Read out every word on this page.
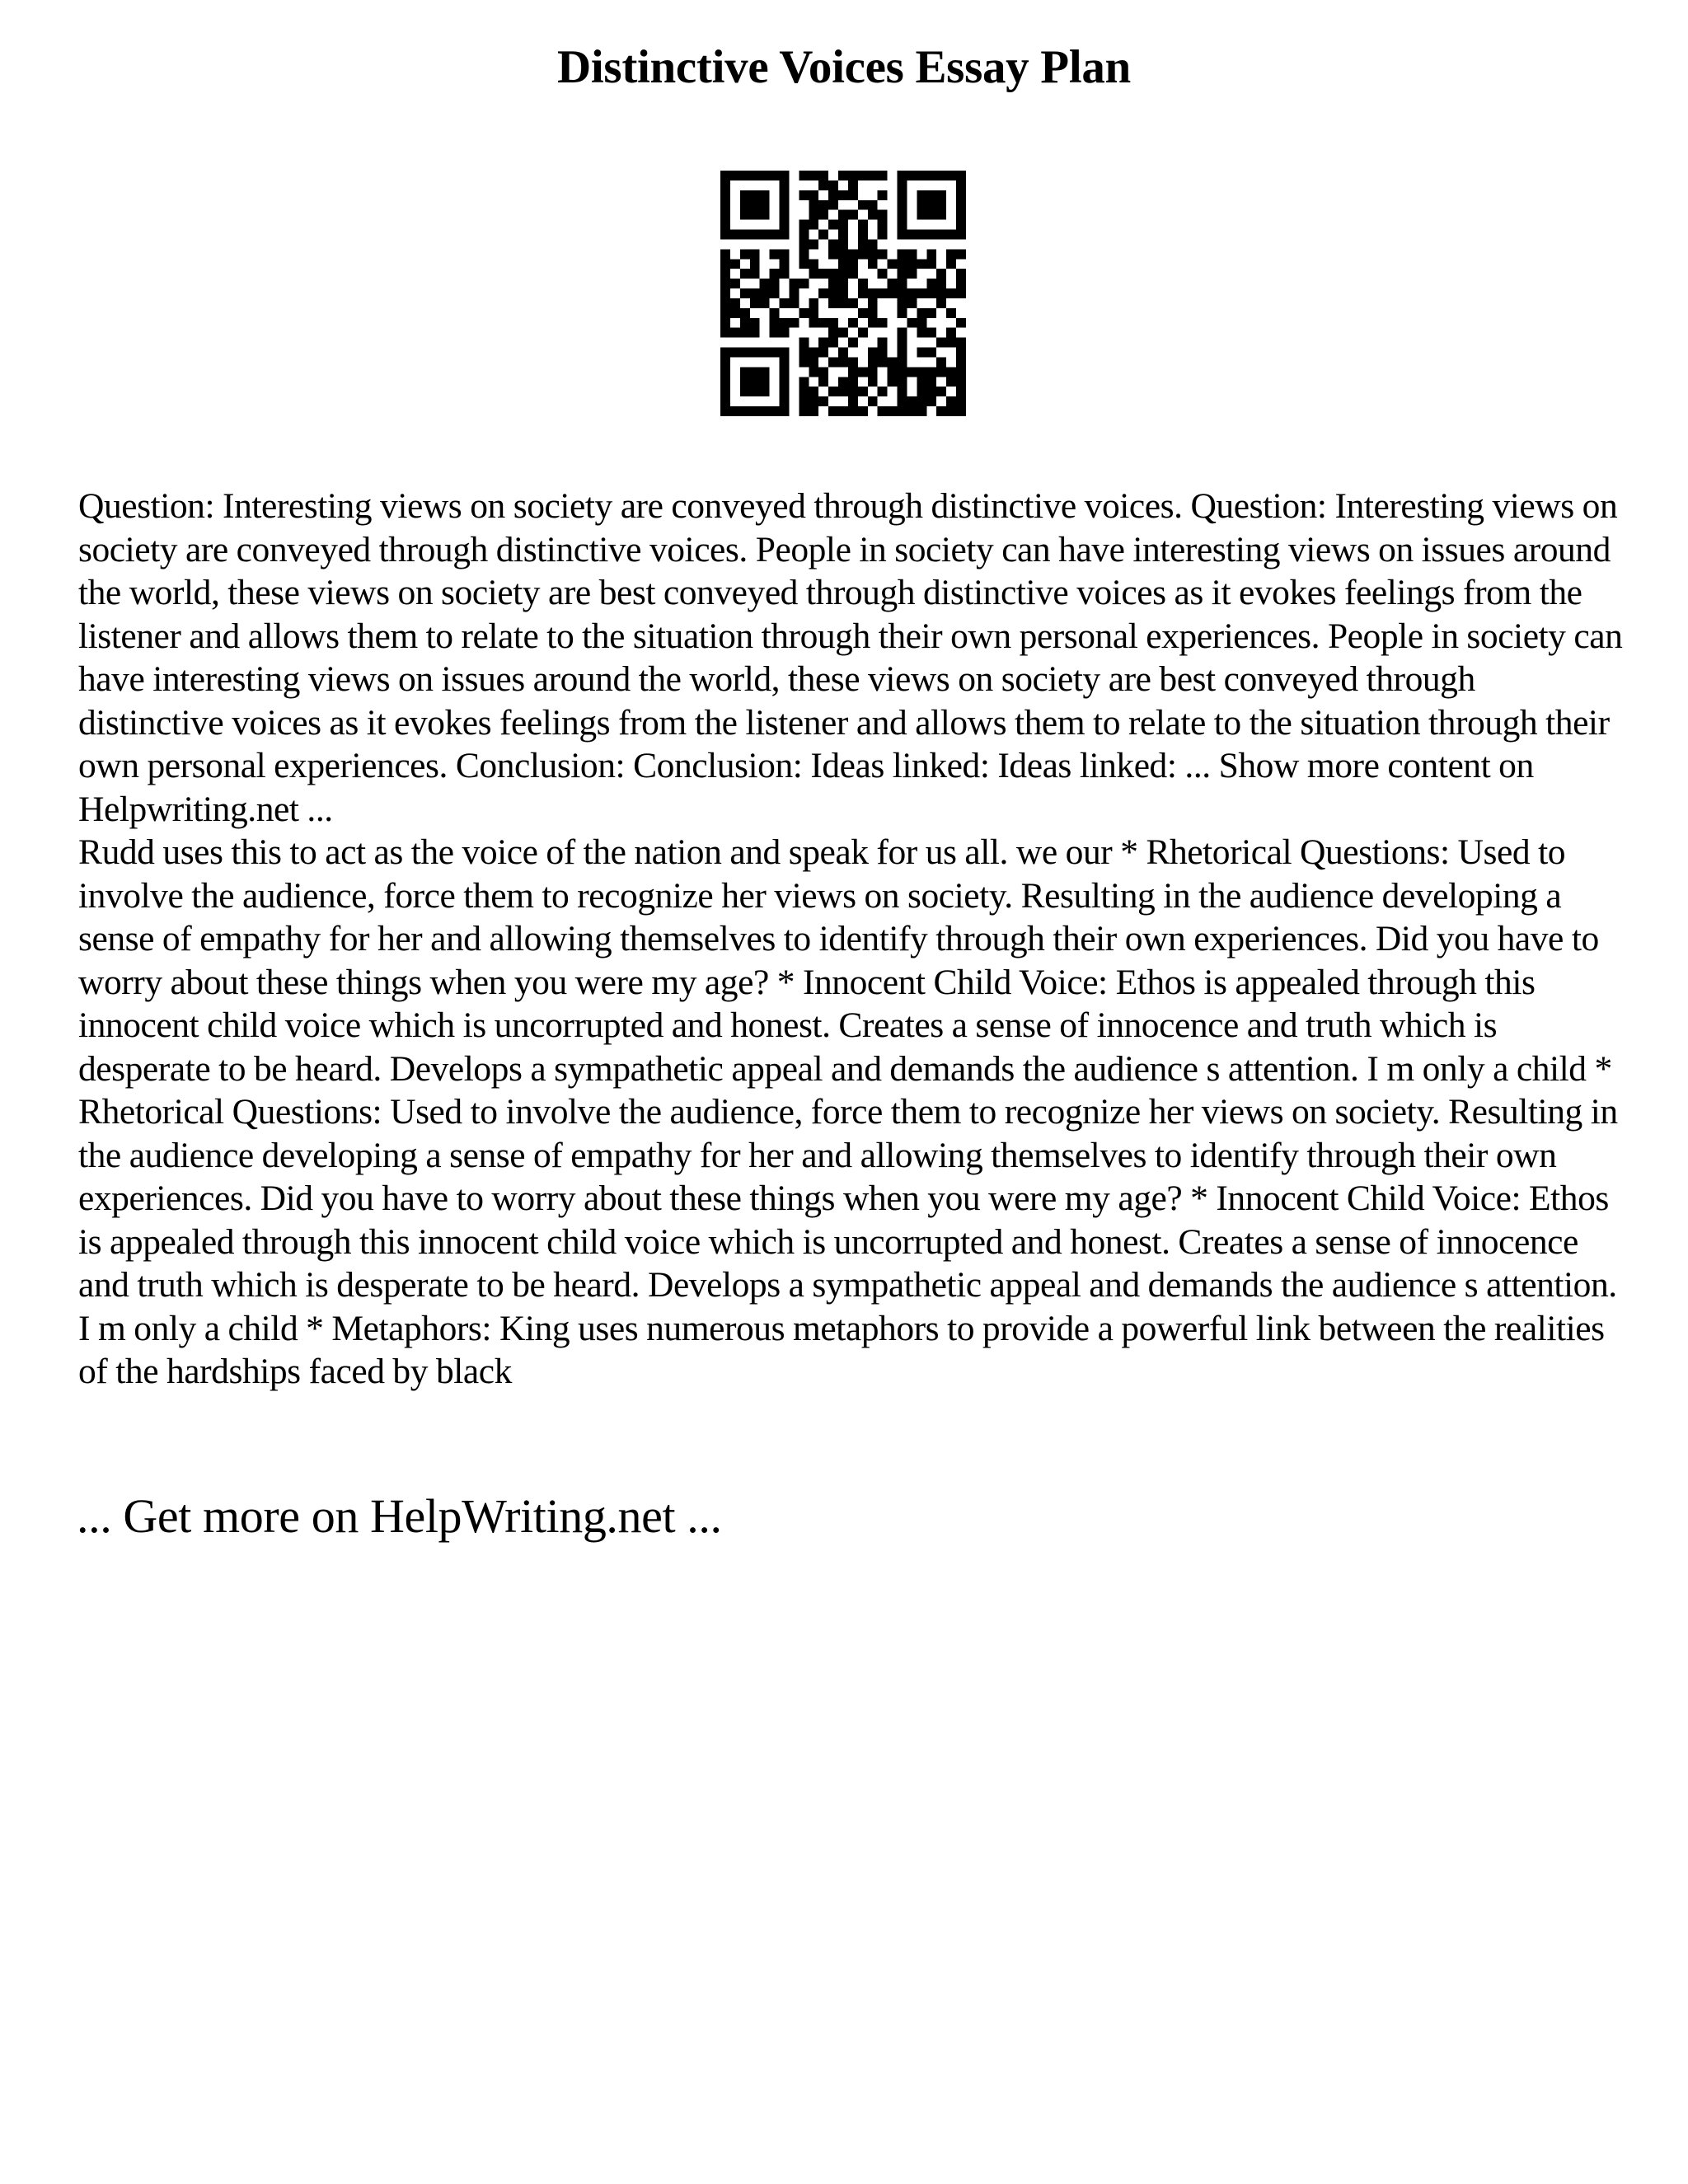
Distinctive Voices Essay Plan

Question: Interesting views on society are conveyed through distinctive voices. Question: Interesting views on society are conveyed through distinctive voices. People in society can have interesting views on issues around the world, these views on society are best conveyed through distinctive voices as it evokes feelings from the listener and allows them to relate to the situation through their own personal experiences. People in society can have interesting views on issues around the world, these views on society are best conveyed through distinctive voices as it evokes feelings from the listener and allows them to relate to the situation through their own personal experiences. Conclusion: Conclusion: Ideas linked: Ideas linked: ... Show more content on Helpwriting.net ...

Rudd uses this to act as the voice of the nation and speak for us all. we our * Rhetorical Questions: Used to involve the audience, force them to recognize her views on society. Resulting in the audience developing a sense of empathy for her and allowing themselves to identify through their own experiences. Did you have to worry about these things when you were my age? * Innocent Child Voice: Ethos is appealed through this innocent child voice which is uncorrupted and honest. Creates a sense of innocence and truth which is desperate to be heard. Develops a sympathetic appeal and demands the audience s attention. I m only a child * Rhetorical Questions: Used to involve the audience, force them to recognize her views on society. Resulting in the audience developing a sense of empathy for her and allowing themselves to identify through their own experiences. Did you have to worry about these things when you were my age? * Innocent Child Voice: Ethos is appealed through this innocent child voice which is uncorrupted and honest. Creates a sense of innocence and truth which is desperate to be heard. Develops a sympathetic appeal and demands the audience s attention. I m only a child * Metaphors: King uses numerous metaphors to provide a powerful link between the realities of the hardships faced by black

... Get more on HelpWriting.net ...
